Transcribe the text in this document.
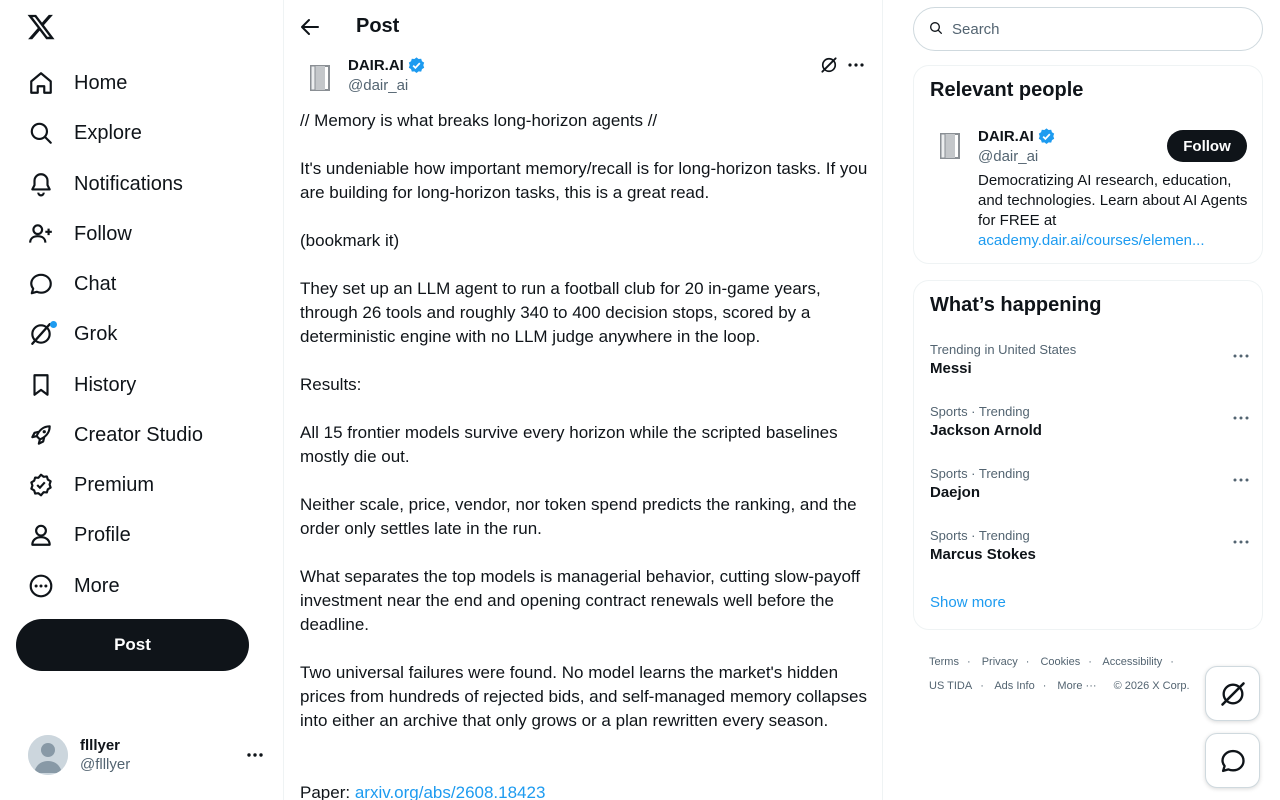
Home
Explore
Notifications
Follow
Chat
Grok
History
Creator Studio
Premium
Profile
More
Post
flllyer
@flllyer
Post
DAIR.AI
@dair_ai
// Memory is what breaks long-horizon agents //

It's undeniable how important memory/recall is for long-horizon tasks. If you are building for long-horizon tasks, this is a great read.

(bookmark it)

They set up an LLM agent to run a football club for 20 in-game years, through 26 tools and roughly 340 to 400 decision stops, scored by a deterministic engine with no LLM judge anywhere in the loop.

Results:

All 15 frontier models survive every horizon while the scripted baselines mostly die out.

Neither scale, price, vendor, nor token spend predicts the ranking, and the order only settles late in the run.

What separates the top models is managerial behavior, cutting slow-payoff investment near the end and opening contract renewals well before the deadline.

Two universal failures were found. No model learns the market's hidden prices from hundreds of rejected bids, and self-managed memory collapses into either an archive that only grows or a plan rewritten every season.
Paper: arxiv.org/abs/2608.18423
Search
Relevant people
DAIR.AI
@dair_ai
Follow
Democratizing AI research, education, and technologies. Learn about AI Agents for FREE at
academy.dair.ai/courses/elemen...
What’s happening
Trending in United States
Messi
Sports · Trending
Jackson Arnold
Sports · Trending
Daejon
Sports · Trending
Marcus Stokes
Show more
Terms · Privacy · Cookies · Accessibility ·
US TIDA · Ads Info · More ··· © 2026 X Corp.
